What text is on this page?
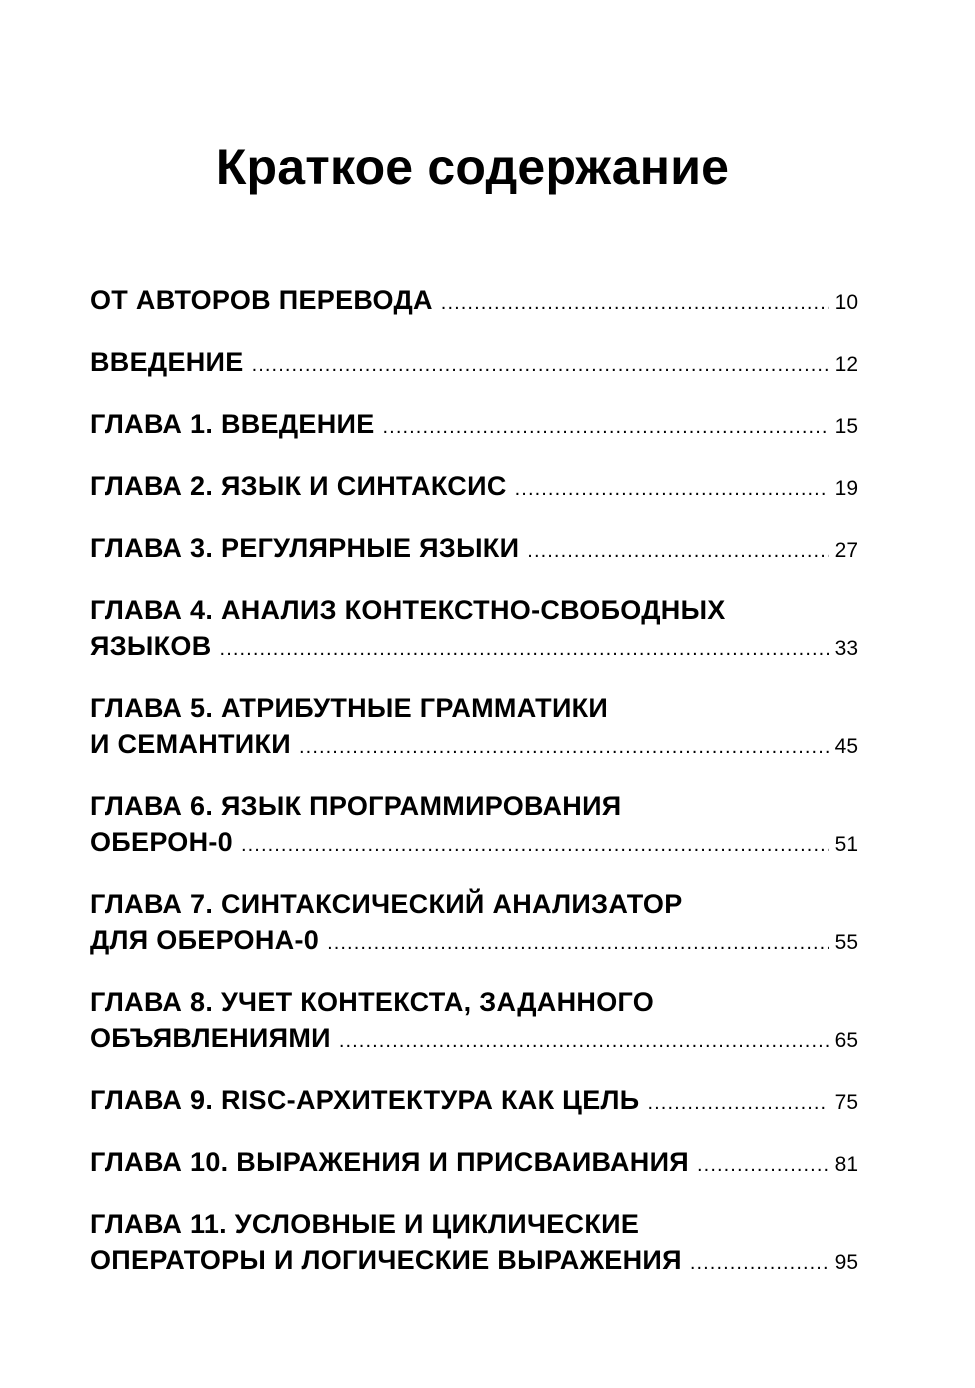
Краткое содержание
ОТ АВТОРОВ ПЕРЕВОДА .....	10
ВВЕДЕНИЕ .....	12
ГЛАВА 1. ВВЕДЕНИЕ .....	15
ГЛАВА 2. ЯЗЫК И СИНТАКСИС .....	19
ГЛАВА 3. РЕГУЛЯРНЫЕ ЯЗЫКИ .....	27
ГЛАВА 4. АНАЛИЗ КОНТЕКСТНО-СВОБОДНЫХ
ЯЗЫКОВ .....	33
ГЛАВА 5. АТРИБУТНЫЕ ГРАММАТИКИ
И СЕМАНТИКИ .....	45
ГЛАВА 6. ЯЗЫК ПРОГРАММИРОВАНИЯ
ОБЕРОН-0 .....	51
ГЛАВА 7. СИНТАКСИЧЕСКИЙ АНАЛИЗАТОР
ДЛЯ ОБЕРОНА-0 .....	55
ГЛАВА 8. УЧЕТ КОНТЕКСТА, ЗАДАННОГО
ОБЪЯВЛЕНИЯМИ .....	65
ГЛАВА 9. RISC-АРХИТЕКТУРА КАК ЦЕЛЬ .....	75
ГЛАВА 10. ВЫРАЖЕНИЯ И ПРИСВАИВАНИЯ .....	81
ГЛАВА 11. УСЛОВНЫЕ И ЦИКЛИЧЕСКИЕ
ОПЕРАТОРЫ И ЛОГИЧЕСКИЕ ВЫРАЖЕНИЯ .....	95
